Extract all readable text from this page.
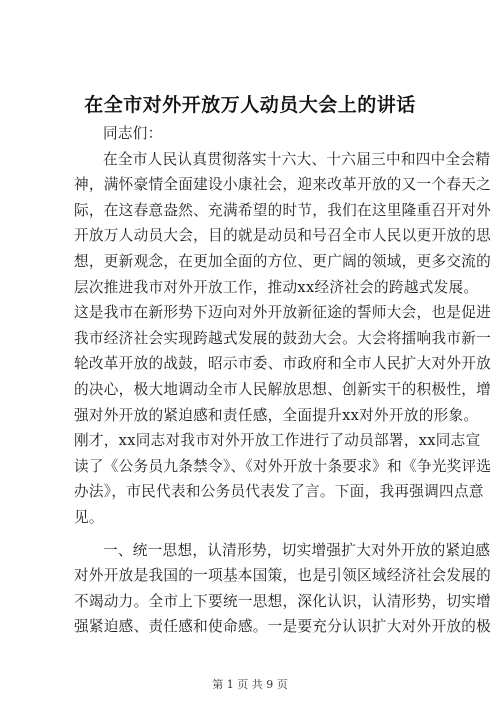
在全市对外开放万人动员大会上的讲话
同志们：
在全市人民认真贯彻落实十六大、十六届三中和四中全会精
神，满怀豪情全面建设小康社会，迎来改革开放的又一个春天之
际，在这春意盎然、充满希望的时节，我们在这里隆重召开对外
开放万人动员大会，目的就是动员和号召全市人民以更开放的思
想，更新观念，在更加全面的方位、更广阔的领域，更多交流的
层次推进我市对外开放工作，推动xx经济社会的跨越式发展。
这是我市在新形势下迈向对外开放新征途的誓师大会，也是促进
我市经济社会实现跨越式发展的鼓劲大会。大会将擂响我市新一
轮改革开放的战鼓，昭示市委、市政府和全市人民扩大对外开放
的决心，极大地调动全市人民解放思想、创新实干的积极性，增
强对外开放的紧迫感和责任感，全面提升xx对外开放的形象。
刚才，xx同志对我市对外开放工作进行了动员部署，xx同志宣
读了《公务员九条禁令》、《对外开放十条要求》和《争光奖评选
办法》，市民代表和公务员代表发了言。下面，我再强调四点意
见。
一、统一思想，认清形势，切实增强扩大对外开放的紧迫感
对外开放是我国的一项基本国策，也是引领区域经济社会发展的
不竭动力。全市上下要统一思想，深化认识，认清形势，切实增
强紧迫感、责任感和使命感。一是要充分认识扩大对外开放的极
第 1 页 共 9 页
